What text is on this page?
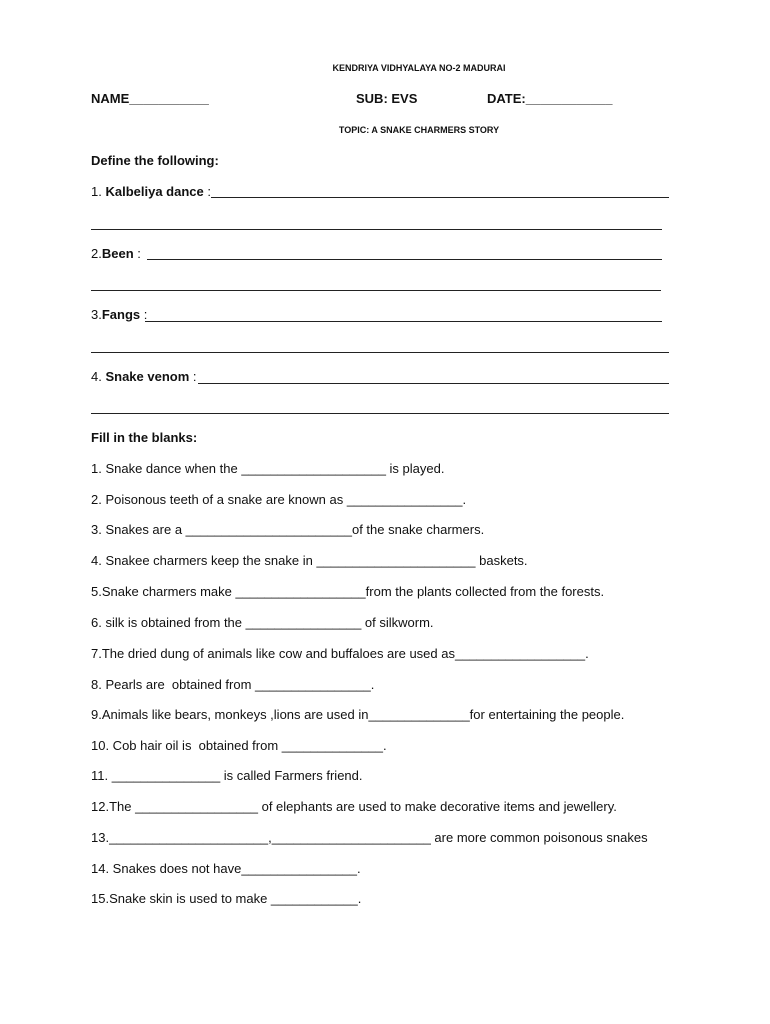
KENDRIYA VIDHYALAYA NO-2 MADURAI
NAME___________	SUB: EVS	DATE:____________
TOPIC: A SNAKE CHARMERS STORY
Define the following:
1. Kalbeliya dance :
2.Been :
3.Fangs :
4. Snake venom :
Fill in the blanks:
1. Snake dance when the ____________________ is played.
2. Poisonous teeth of a snake are known as ________________.
3. Snakes are a _______________________of the snake charmers.
4. Snakee charmers keep the snake in ______________________ baskets.
5.Snake charmers make __________________from the plants collected from the forests.
6. silk is obtained from the ________________ of silkworm.
7.The dried dung of animals like cow and buffaloes are used as__________________.
8. Pearls are  obtained from ________________.
9.Animals like bears, monkeys ,lions are used in______________for entertaining the people.
10. Cob hair oil is  obtained from ______________.
11. _______________ is called Farmers friend.
12.The _________________ of elephants are used to make decorative items and jewellery.
13.______________________,______________________ are more common poisonous snakes
14. Snakes does not have________________.
15.Snake skin is used to make ____________.
